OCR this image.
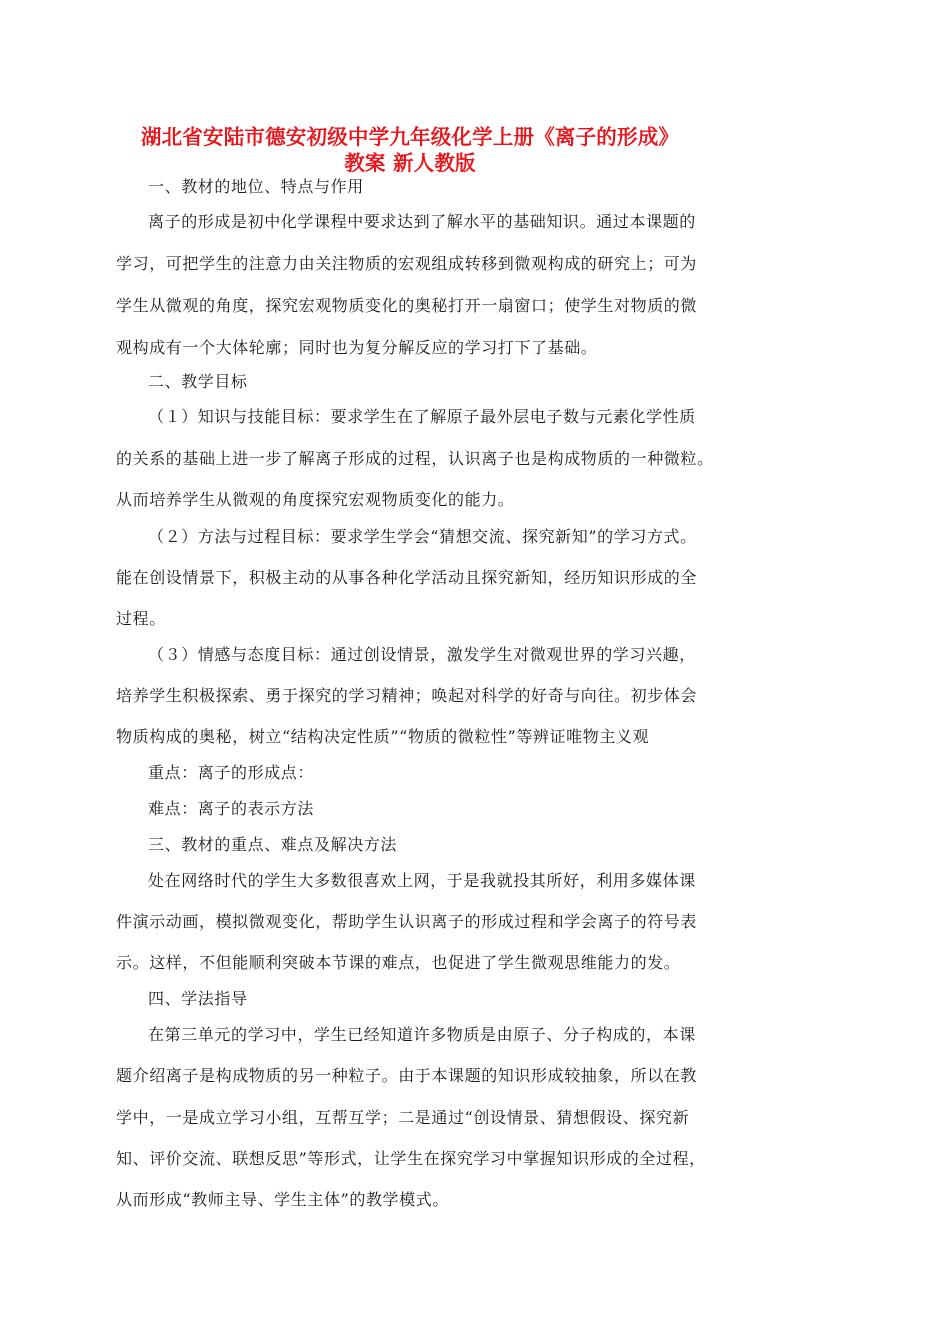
湖北省安陆市德安初级中学九年级化学上册《离子的形成》
教案 新人教版
一、教材的地位、特点与作用
离子的形成是初中化学课程中要求达到了解水平的基础知识。通过本课题的
学习，可把学生的注意力由关注物质的宏观组成转移到微观构成的研究上；可为
学生从微观的角度，探究宏观物质变化的奥秘打开一扇窗口；使学生对物质的微
观构成有一个大体轮廓；同时也为复分解反应的学习打下了基础。
二、教学目标
（１）知识与技能目标：要求学生在了解原子最外层电子数与元素化学性质
的关系的基础上进一步了解离子形成的过程，认识离子也是构成物质的一种微粒。
从而培养学生从微观的角度探究宏观物质变化的能力。
（２）方法与过程目标：要求学生学会“猜想交流、探究新知”的学习方式。
能在创设情景下，积极主动的从事各种化学活动且探究新知，经历知识形成的全
过程。
（３）情感与态度目标：通过创设情景，激发学生对微观世界的学习兴趣，
培养学生积极探索、勇于探究的学习精神；唤起对科学的好奇与向往。初步体会
物质构成的奥秘，树立“结构决定性质”“物质的微粒性”等辨证唯物主义观
重点：离子的形成点：
难点：离子的表示方法
三、教材的重点、难点及解决方法
处在网络时代的学生大多数很喜欢上网，于是我就投其所好，利用多媒体课
件演示动画，模拟微观变化，帮助学生认识离子的形成过程和学会离子的符号表
示。这样，不但能顺利突破本节课的难点，也促进了学生微观思维能力的发。
四、学法指导
在第三单元的学习中，学生已经知道许多物质是由原子、分子构成的，本课
题介绍离子是构成物质的另一种粒子。由于本课题的知识形成较抽象，所以在教
学中，一是成立学习小组，互帮互学；二是通过“创设情景、猜想假设、探究新
知、评价交流、联想反思”等形式，让学生在探究学习中掌握知识形成的全过程，
从而形成“教师主导、学生主体”的教学模式。
